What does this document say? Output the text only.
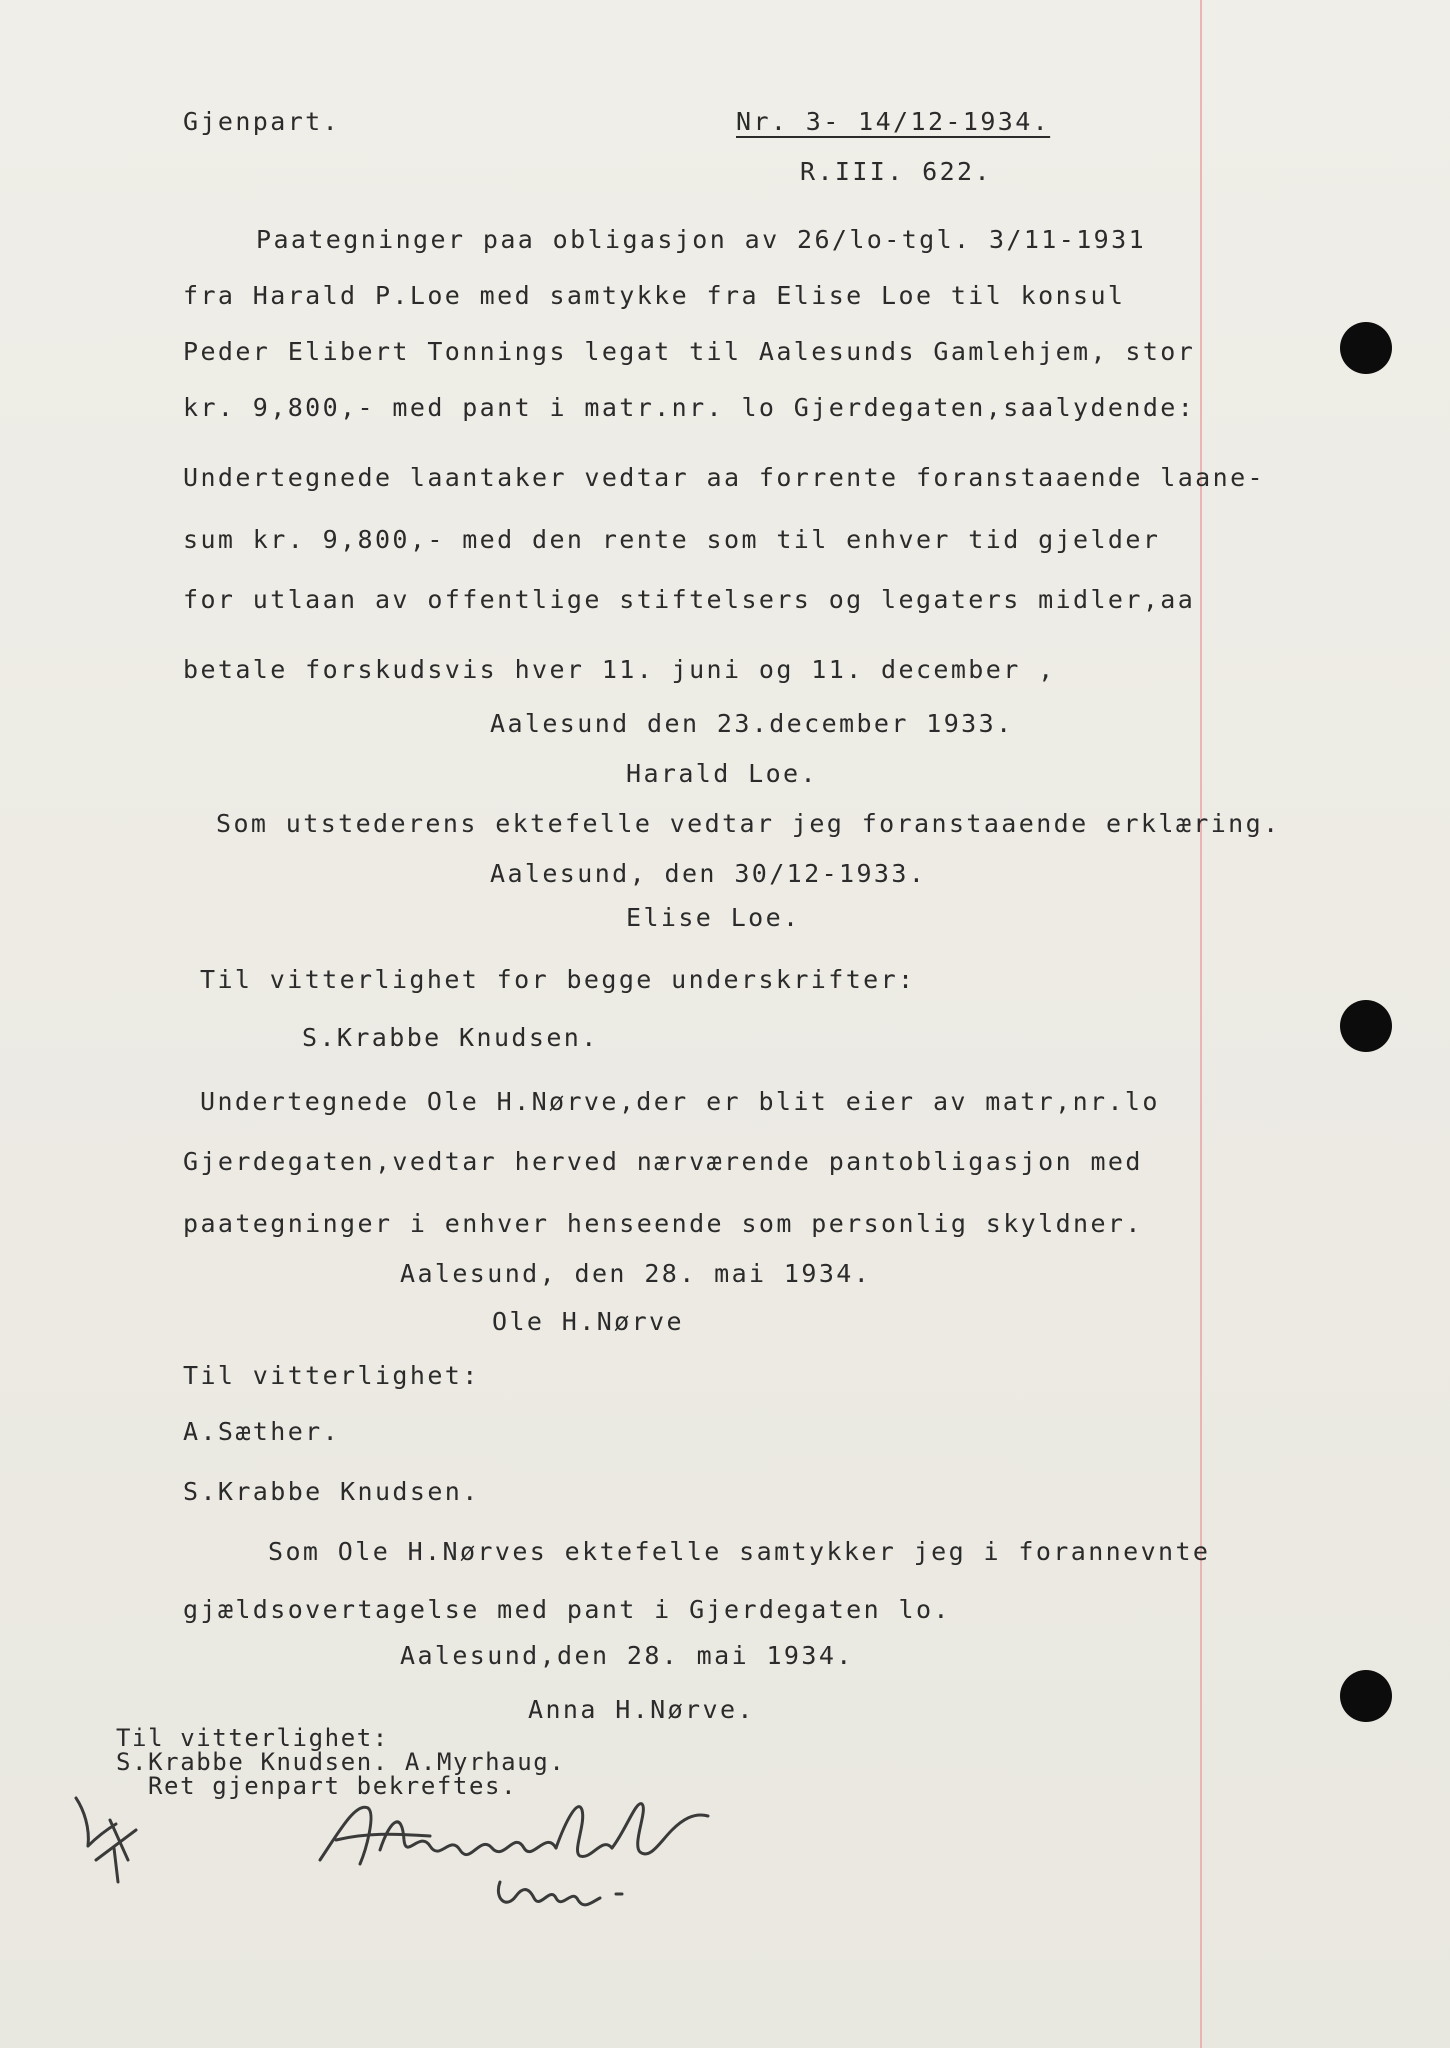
Gjenpart.	Nr. 3- 14/12-1934.
R.III. 622.
Paategninger paa obligasjon av 26/lo-tgl. 3/11-1931
fra Harald P.Loe med samtykke fra Elise Loe til konsul
Peder Elibert Tonnings legat til Aalesunds Gamlehjem, stor
kr. 9,800,- med pant i matr.nr. lo Gjerdegaten,saalydende:
Undertegnede laantaker vedtar aa forrente foranstaaende laane-
sum kr. 9,800,- med den rente som til enhver tid gjelder
for utlaan av offentlige stiftelsers og legaters midler,aa
betale forskudsvis hver 11. juni og 11. december ,
Aalesund den 23.december 1933.
Harald Loe.
Som utstederens ektefelle vedtar jeg foranstaaende erklæring.
Aalesund, den 30/12-1933.
Elise Loe.
Til vitterlighet for begge underskrifter:
S.Krabbe Knudsen.
Undertegnede Ole H.Nørve,der er blit eier av matr,nr.lo
Gjerdegaten,vedtar herved nærværende pantobligasjon med
paategninger i enhver henseende som personlig skyldner.
Aalesund, den 28. mai 1934.
Ole H.Nørve
Til vitterlighet:
A.Sæther.
S.Krabbe Knudsen.
Som Ole H.Nørves ektefelle samtykker jeg i forannevnte
gjældsovertagelse med pant i Gjerdegaten lo.
Aalesund,den 28. mai 1934.
Anna H.Nørve.
Til vitterlighet:
S.Krabbe Knudsen. A.Myrhaug.
Ret gjenpart bekreftes.
